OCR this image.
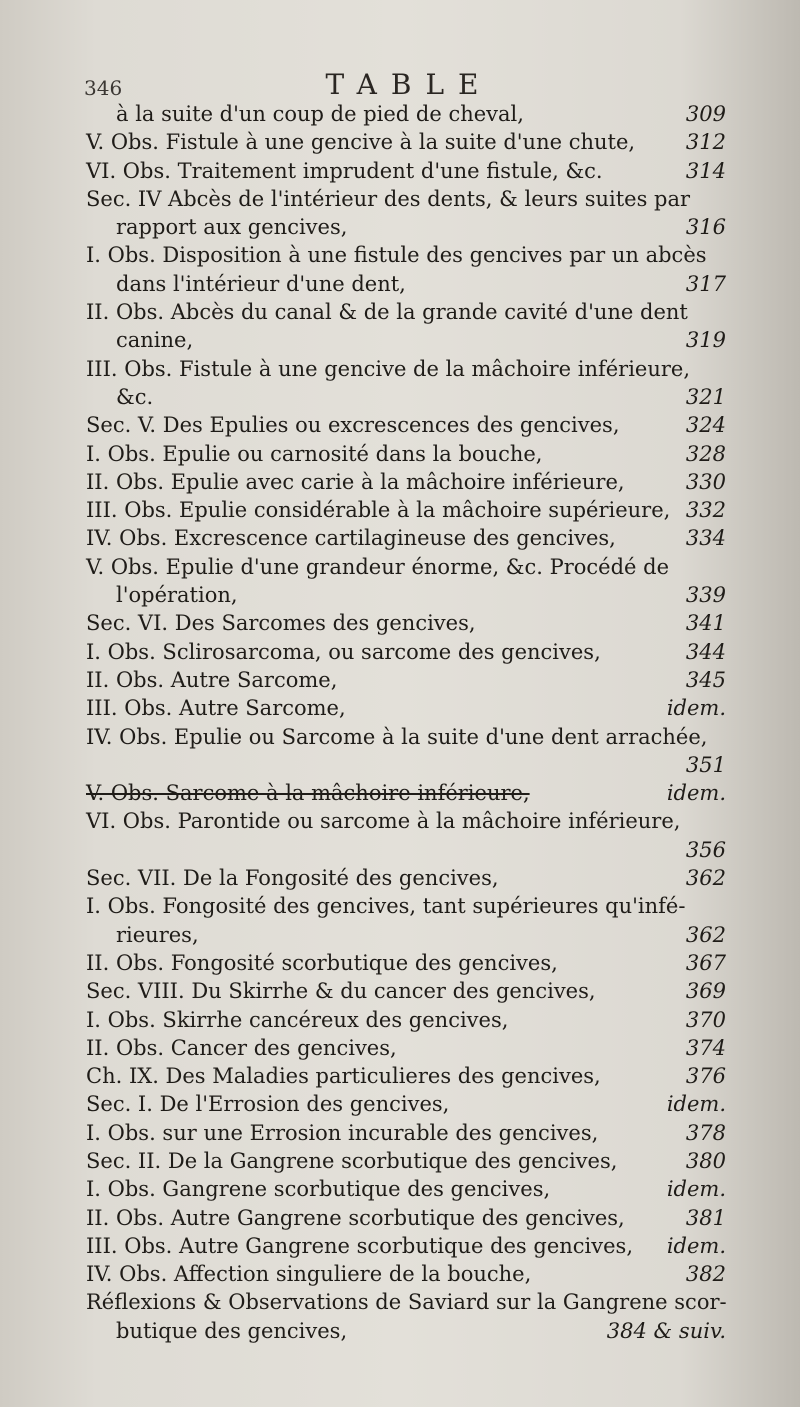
346	TABLE
à la suite d'un coup de pied de cheval,	309
V. Obs. Fistule à une gencive à la suite d'une chute, 312
VI. Obs. Traitement imprudent d'une fistule, &c.	314
Sec. IV Abcès de l'intérieur des dents, & leurs suites par
rapport aux gencives,	316
I. Obs. Disposition à une fistule des gencives par un abcès
dans l'intérieur d'une dent,	317
II. Obs. Abcès du canal & de la grande cavité d'une dent
canine,	319
III. Obs. Fistule à une gencive de la mâchoire inférieure,
&c.	321
Sec. V. Des Epulies ou excrescences des gencives,	324
I. Obs. Epulie ou carnosité dans la bouche,	328
II. Obs. Epulie avec carie à la mâchoire inférieure,	330
III. Obs. Epulie considérable à la mâchoire supérieure, 332
IV. Obs. Excrescence cartilagineuse des gencives,	334
V. Obs. Epulie d'une grandeur énorme, &c. Procédé de
l'opération,	339
Sec. VI. Des Sarcomes des gencives,	341
I. Obs. Sclirosarcoma, ou sarcome des gencives,	344
II. Obs. Autre Sarcome,	345
III. Obs. Autre Sarcome,	idem.
IV. Obs. Epulie ou Sarcome à la suite d'une dent arrachée,

351
V. Obs. Sarcome à la mâchoire inférieure,	idem.
VI. Obs. Parontide ou sarcome à la mâchoire inférieure,

356
Sec. VII. De la Fongosité des gencives,	362
I. Obs. Fongosité des gencives, tant supérieures qu'infé-
rieures,	362
II. Obs. Fongosité scorbutique des gencives,	367
Sec. VIII. Du Skirrhe & du cancer des gencives,	369
I. Obs. Skirrhe cancéreux des gencives,	370
II. Obs. Cancer des gencives,	374
Ch. IX. Des Maladies particulieres des gencives,	376
Sec. I. De l'Errosion des gencives,	idem.
I. Obs. sur une Errosion incurable des gencives,	378
Sec. II. De la Gangrene scorbutique des gencives,	380
I. Obs. Gangrene scorbutique des gencives,	idem.
II. Obs. Autre Gangrene scorbutique des gencives,	381
III. Obs. Autre Gangrene scorbutique des gencives, idem.
IV. Obs. Affection singuliere de la bouche,	382
Réflexions & Observations de Saviard sur la Gangrene scor-
butique des gencives,	384 & suiv.
